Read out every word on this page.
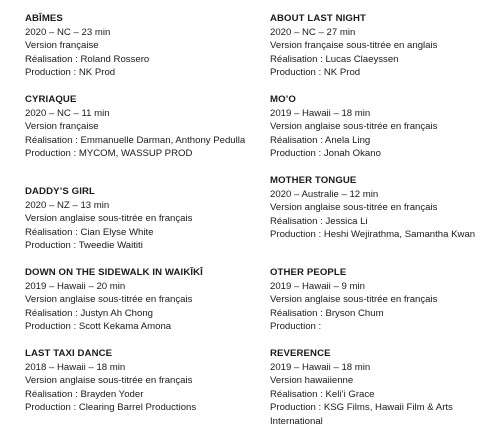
ABÎMES
2020 – NC – 23 min
Version française
Réalisation : Roland Rossero
Production : NK Prod
CYRIAQUE
2020 – NC – 11 min
Version française
Réalisation : Emmanuelle Darman, Anthony Pedulla
Production : MYCOM, WASSUP PROD
DADDY’S GIRL
2020 – NZ – 13 min
Version anglaise sous-titrée en français
Réalisation : Cian Elyse White
Production : Tweedie Waititi
DOWN ON THE SIDEWALK IN WAIKĪKĪ
2019 – Hawaii – 20 min
Version anglaise sous-titrée en français
Réalisation : Justyn Ah Chong
Production : Scott Kekama Amona
LAST TAXI DANCE
2018 – Hawaii – 18 min
Version anglaise sous-titrée en français
Réalisation : Brayden Yoder
Production : Clearing Barrel Productions
ABOUT LAST NIGHT
2020 – NC – 27 min
Version française sous-titrée en anglais
Réalisation : Lucas Claeyssen
Production : NK Prod
MO’O
2019 – Hawaii – 18 min
Version anglaise sous-titrée en français
Réalisation : Anela Ling
Production : Jonah Okano
MOTHER TONGUE
2020 – Australie – 12 min
Version anglaise sous-titrée en français
Réalisation : Jessica Li
Production : Heshi Wejirathma, Samantha Kwan
OTHER PEOPLE
2019 – Hawaii – 9 min
Version anglaise sous-titrée en français
Réalisation : Bryson Chum
Production :
REVERENCE
2019 – Hawaii – 18 min
Version hawaiienne
Réalisation : Keli’i Grace
Production : KSG Films, Hawaii Film & Arts International
